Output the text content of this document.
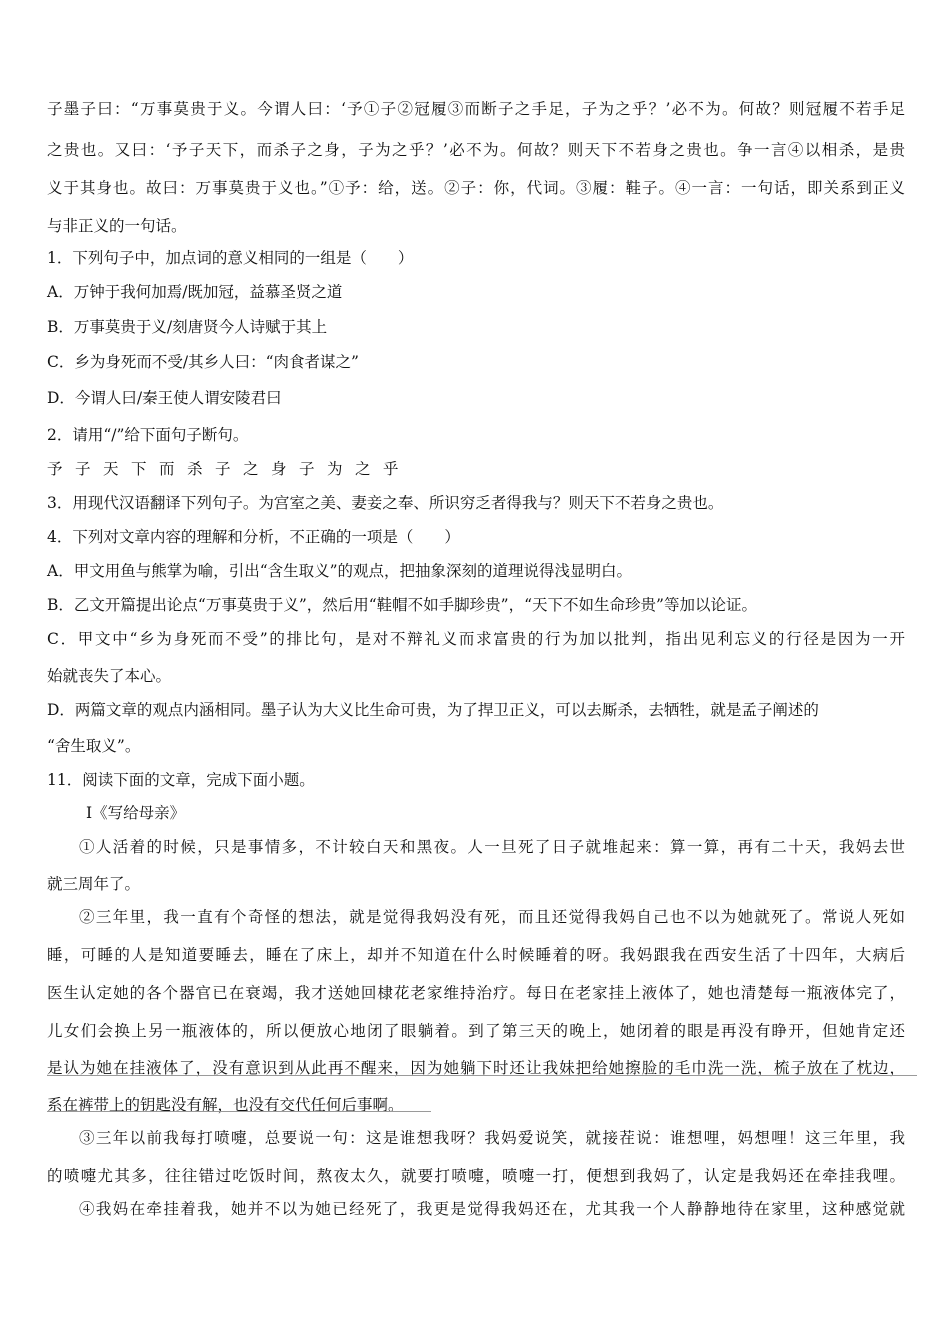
子墨子曰：“万事莫贵于义。今谓人曰：‘予①子②冠履③而断子之手足，子为之乎？’必不为。何故？则冠履不若手足
之贵也。又曰：‘予子天下，而杀子之身，子为之乎？’必不为。何故？则天下不若身之贵也。争一言④以相杀，是贵
义于其身也。故曰：万事莫贵于义也。”①予：给，送。②子：你，代词。③履：鞋子。④一言：一句话，即关系到正义
与非正义的一句话。
1．下列句子中，加点词的意义相同的一组是（　　）
A．万钟于我何加焉/既加冠，益慕圣贤之道
B．万事莫贵于义/刻唐贤今人诗赋于其上
C．乡为身死而不受/其乡人曰：“肉食者谋之”
D．今谓人曰/秦王使人谓安陵君曰
2．请用“/”给下面句子断句。
予子天下而杀子之身子为之乎
3．用现代汉语翻译下列句子。为宫室之美、妻妾之奉、所识穷乏者得我与？则天下不若身之贵也。
4．下列对文章内容的理解和分析，不正确的一项是（　　）
A．甲文用鱼与熊掌为喻，引出“含生取义”的观点，把抽象深刻的道理说得浅显明白。
B．乙文开篇提出论点“万事莫贵于义”，然后用“鞋帽不如手脚珍贵”，“天下不如生命珍贵”等加以论证。
C．甲文中“乡为身死而不受”的排比句，是对不辩礼义而求富贵的行为加以批判，指出见利忘义的行径是因为一开
始就丧失了本心。
D．两篇文章的观点内涵相同。墨子认为大义比生命可贵，为了捍卫正义，可以去厮杀，去牺牲，就是孟子阐述的
“舍生取义”。
11．阅读下面的文章，完成下面小题。
Ⅰ《写给母亲》
①人活着的时候，只是事情多，不计较白天和黑夜。人一旦死了日子就堆起来：算一算，再有二十天，我妈去世
就三周年了。
②三年里，我一直有个奇怪的想法，就是觉得我妈没有死，而且还觉得我妈自己也不以为她就死了。常说人死如
睡，可睡的人是知道要睡去，睡在了床上，却并不知道在什么时候睡着的呀。我妈跟我在西安生活了十四年，大病后
医生认定她的各个器官已在衰竭，我才送她回棣花老家维持治疗。每日在老家挂上液体了，她也清楚每一瓶液体完了，
儿女们会换上另一瓶液体的，所以便放心地闭了眼躺着。到了第三天的晚上，她闭着的眼是再没有睁开，但她肯定还
是认为她在挂液体了，没有意识到从此再不醒来，因为她躺下时还让我妹把给她擦脸的毛巾洗一洗，梳子放在了枕边，
系在裤带上的钥匙没有解，也没有交代任何后事啊。
③三年以前我每打喷嚏，总要说一句：这是谁想我呀？我妈爱说笑，就接茬说：谁想哩，妈想哩！这三年里，我
的喷嚏尤其多，往往错过吃饭时间，熬夜太久，就要打喷嚏，喷嚏一打，便想到我妈了，认定是我妈还在牵挂我哩。
④我妈在牵挂着我，她并不以为她已经死了，我更是觉得我妈还在，尤其我一个人静静地待在家里，这种感觉就
